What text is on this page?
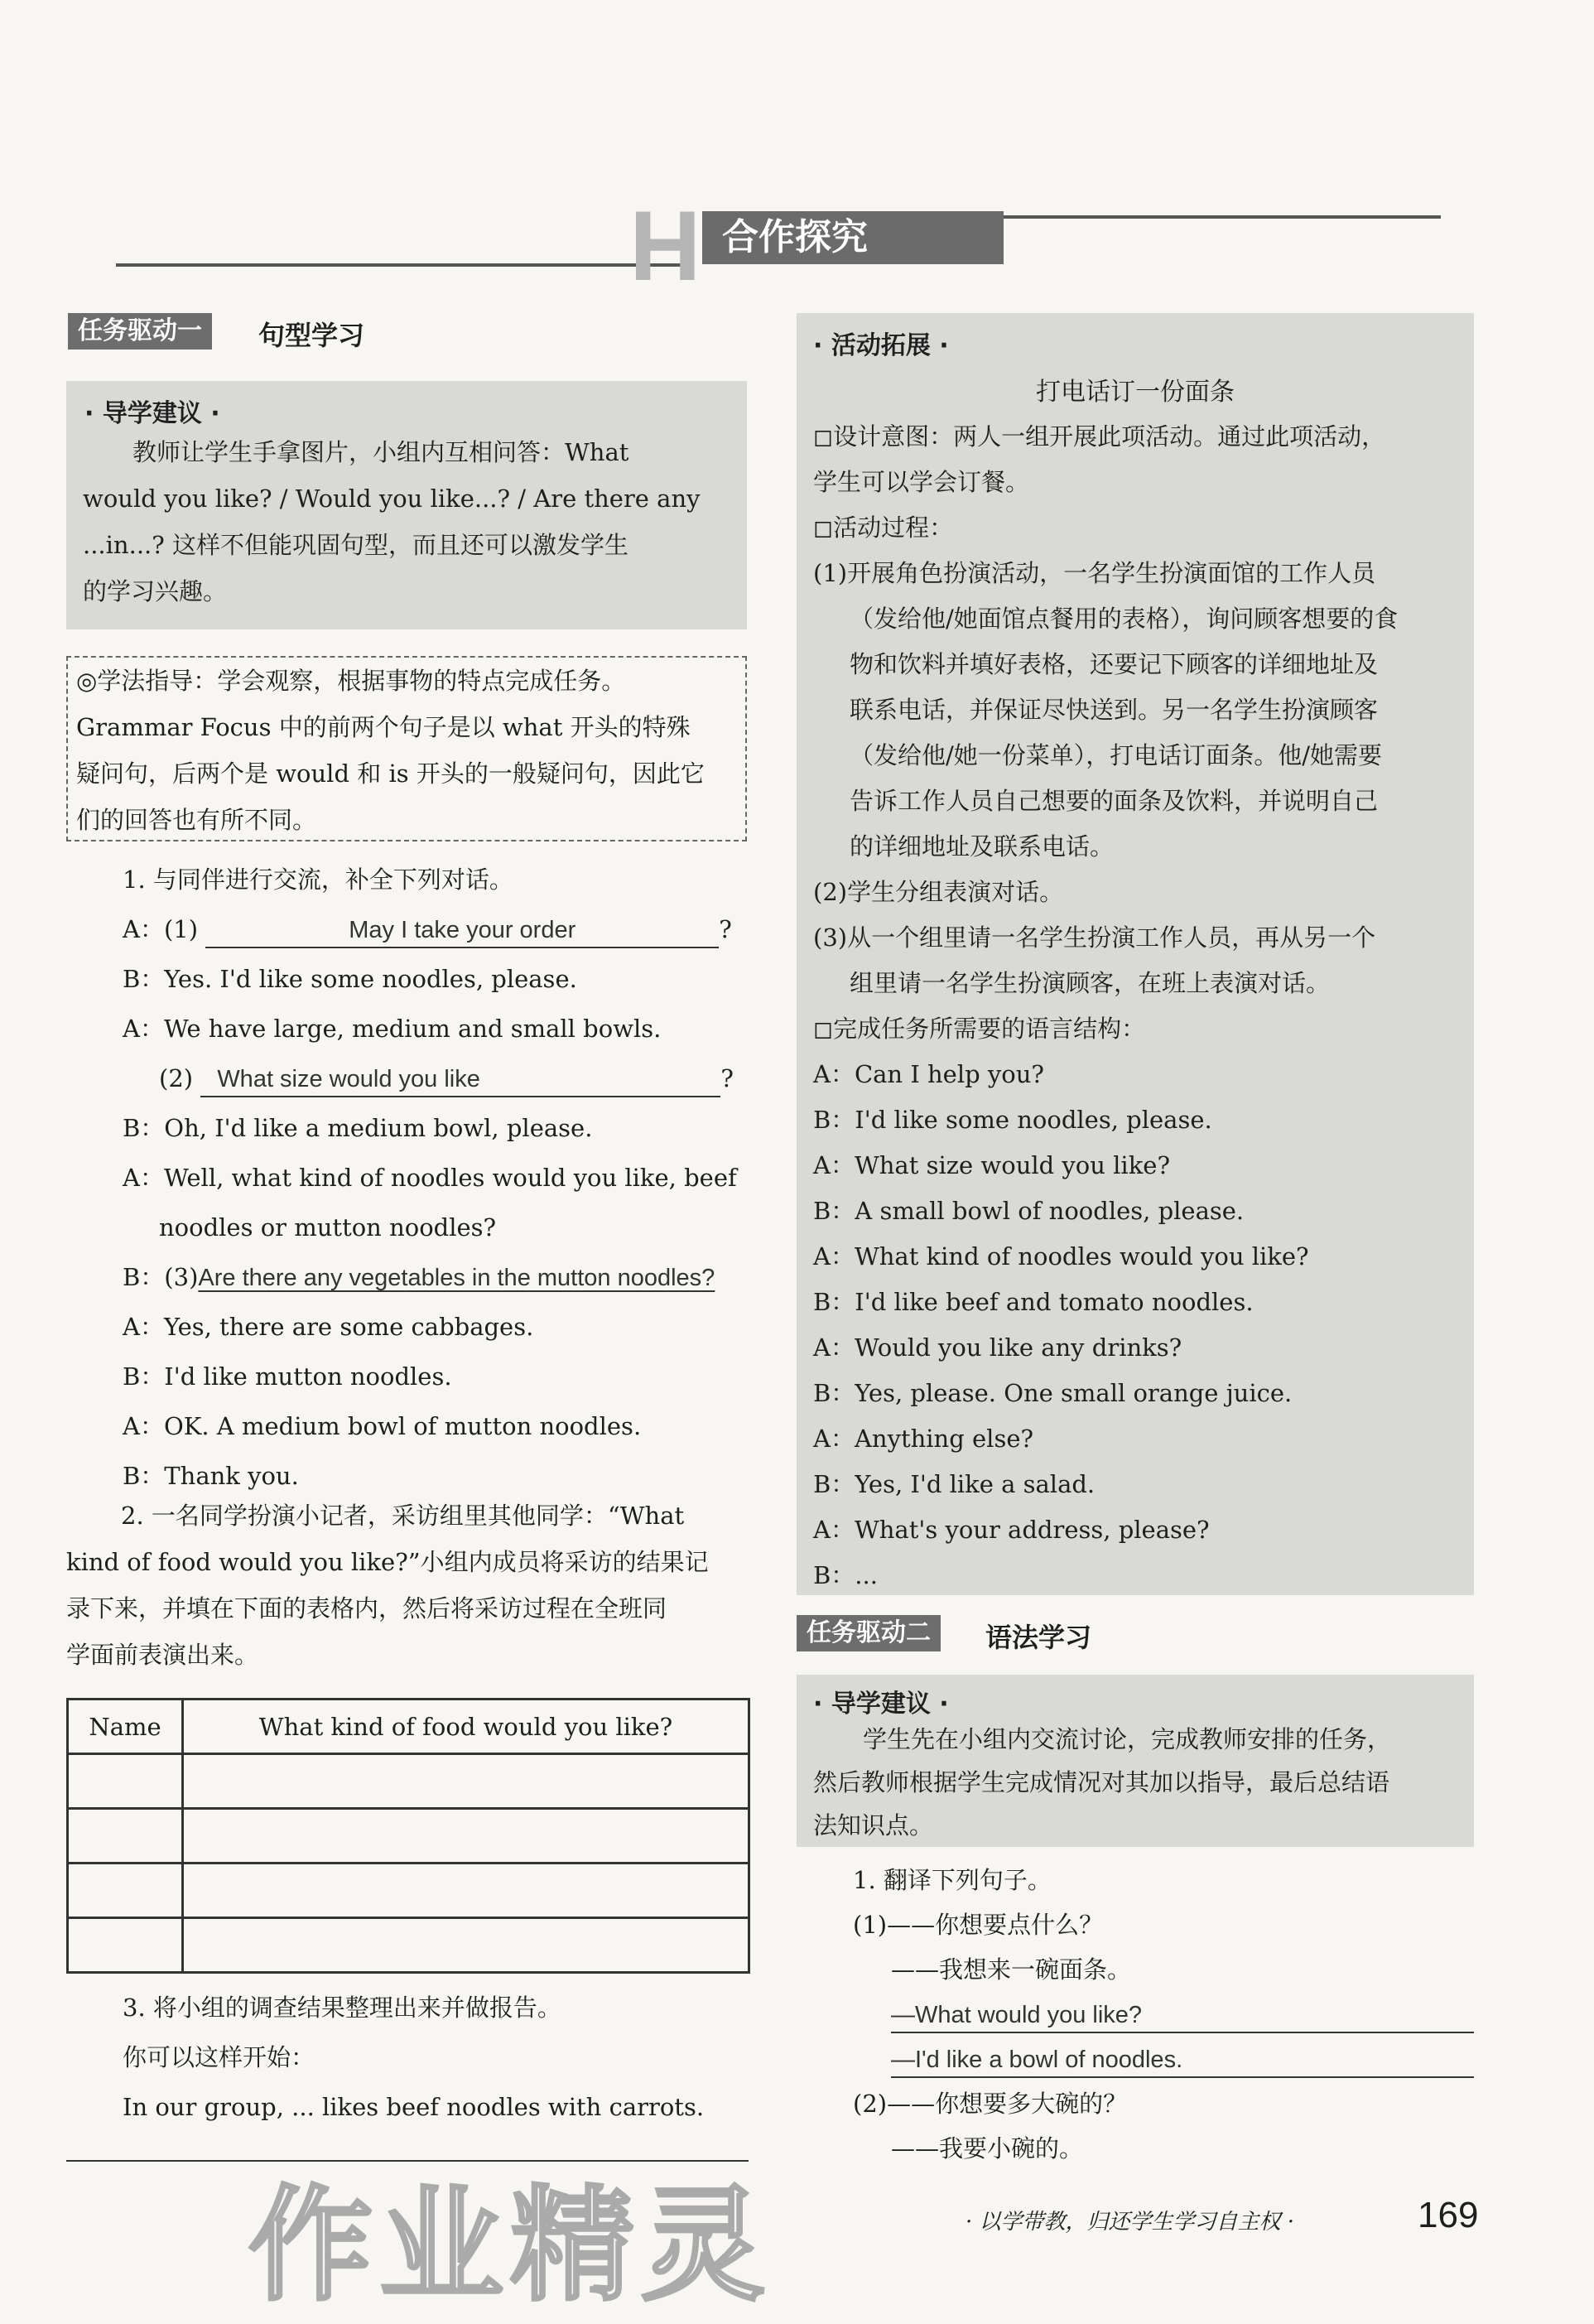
H 合作探究
任务驱动一	句型学习
· 导学建议 ·
教师让学生手拿图片，小组内互相问答：What
would you like? / Would you like...? / Are there any
...in...? 这样不但能巩固句型，而且还可以激发学生
的学习兴趣。
◎学法指导：学会观察，根据事物的特点完成任务。
Grammar Focus 中的前两个句子是以 what 开头的特殊
疑问句，后两个是 would 和 is 开头的一般疑问句，因此它
们的回答也有所不同。
1. 与同伴进行交流，补全下列对话。
A：(1)	May I take your order	?
B：Yes. I'd like some noodles, please.
A：We have large, medium and small bowls.
(2) What size would you like	?
B：Oh, I'd like a medium bowl, please.
A：Well, what kind of noodles would you like, beef
noodles or mutton noodles?
B：(3)Are there any vegetables in the mutton noodles?
A：Yes, there are some cabbages.
B：I'd like mutton noodles.
A：OK. A medium bowl of mutton noodles.
B：Thank you.
2. 一名同学扮演小记者，采访组里其他同学：“What
kind of food would you like?”小组内成员将采访的结果记
录下来，并填在下面的表格内，然后将采访过程在全班同
学面前表演出来。
Name	What kind of food would you like?

3. 将小组的调查结果整理出来并做报告。
你可以这样开始：
In our group, ... likes beef noodles with carrots.
· 活动拓展 ·
打电话订一份面条
◻设计意图：两人一组开展此项活动。通过此项活动，
学生可以学会订餐。
◻活动过程：
(1)开展角色扮演活动，一名学生扮演面馆的工作人员
（发给他/她面馆点餐用的表格），询问顾客想要的食
物和饮料并填好表格，还要记下顾客的详细地址及
联系电话，并保证尽快送到。另一名学生扮演顾客
（发给他/她一份菜单），打电话订面条。他/她需要
告诉工作人员自己想要的面条及饮料，并说明自己
的详细地址及联系电话。
(2)学生分组表演对话。
(3)从一个组里请一名学生扮演工作人员，再从另一个
组里请一名学生扮演顾客，在班上表演对话。
◻完成任务所需要的语言结构：
A：Can I help you?
B：I'd like some noodles, please.
A：What size would you like?
B：A small bowl of noodles, please.
A：What kind of noodles would you like?
B：I'd like beef and tomato noodles.
A：Would you like any drinks?
B：Yes, please. One small orange juice.
A：Anything else?
B：Yes, I'd like a salad.
A：What's your address, please?
B：...
任务驱动二	语法学习
· 导学建议 ·
学生先在小组内交流讨论，完成教师安排的任务，
然后教师根据学生完成情况对其加以指导，最后总结语
法知识点。
1. 翻译下列句子。
(1)——你想要点什么？
——我想来一碗面条。
—What would you like?
—I'd like a bowl of noodles.
(2)——你想要多大碗的？
——我要小碗的。
· 以学带教，归还学生学习自主权 ·	169
作业精灵
